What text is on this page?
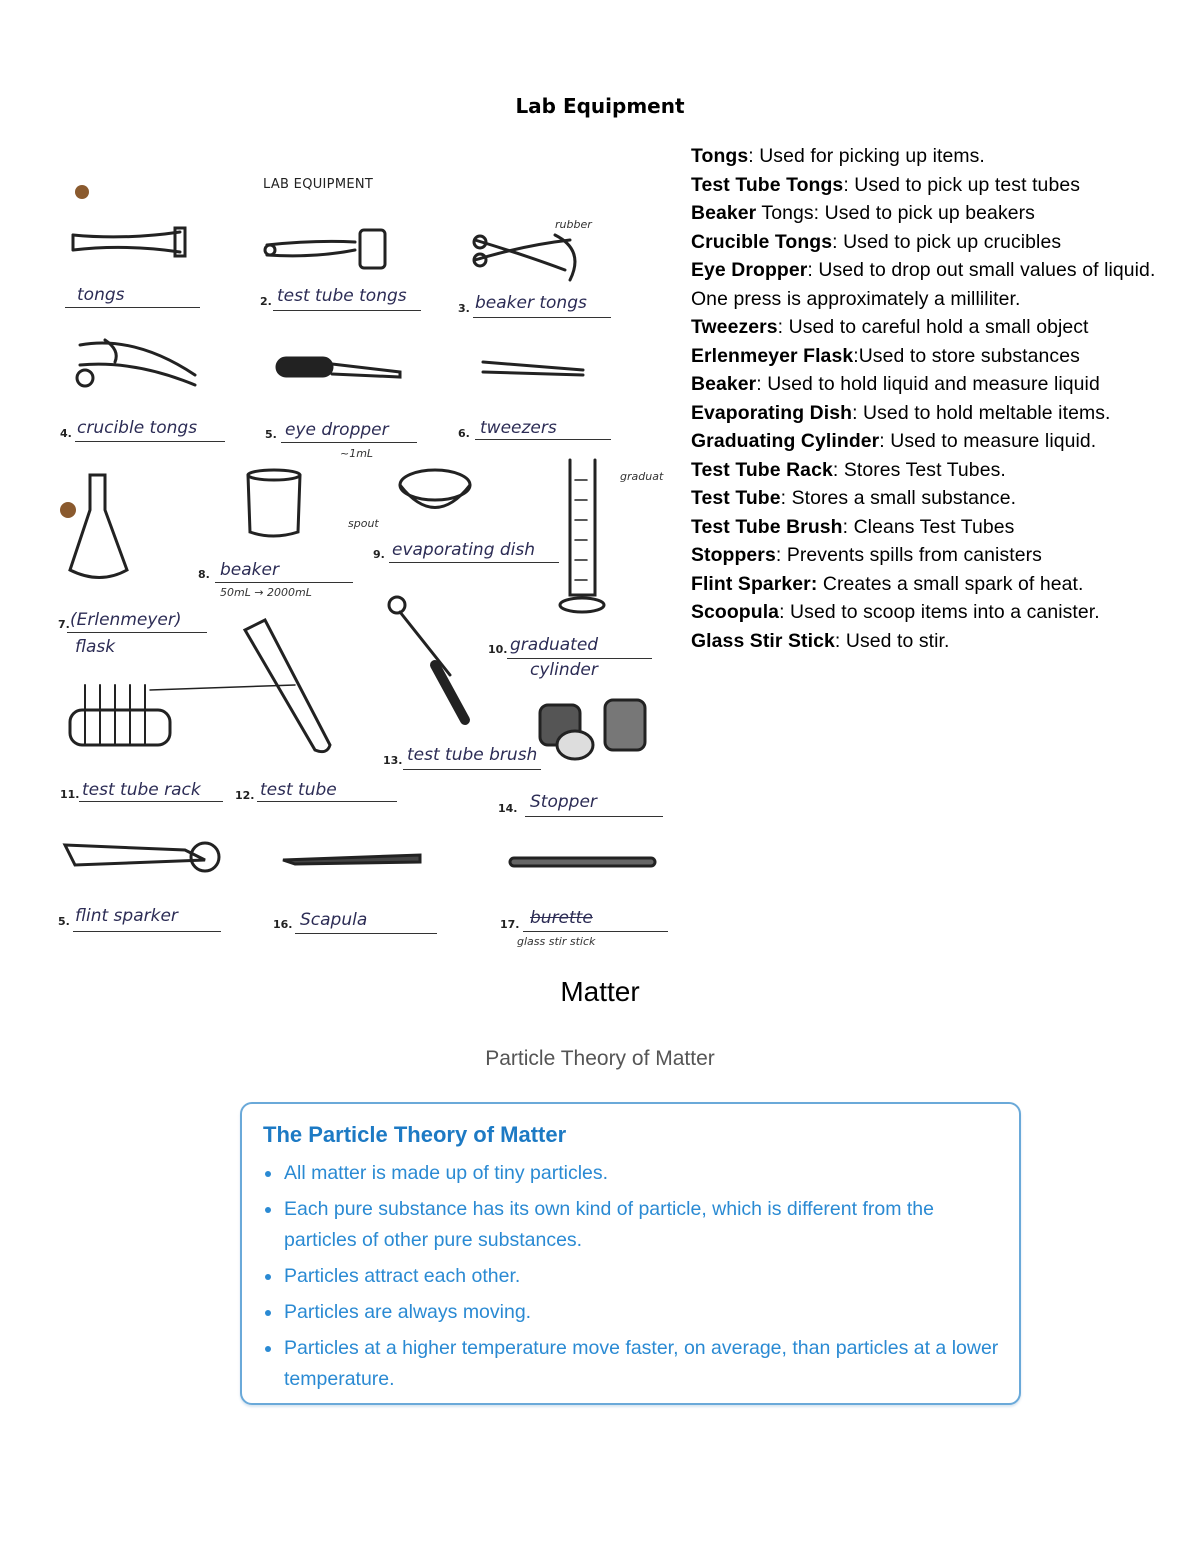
Lab Equipment
LAB EQUIPMENT
tongs	2. test tube tongs
3. beaker tongs
rubber
4. crucible tongs	5. eye dropper
~1mL
6. tweezers
8. beaker
50mL → 2000mL
spout
9. evaporating dish
graduat
7. (Erlenmeyer)
flask	10. graduated
cylinder
13. test tube brush
11. test tube rack	12. test tube
14. Stopper
5. flint sparker	16. Scapula	17. burette
glass stir stick
Tongs: Used for picking up items.
Test Tube Tongs: Used to pick up test tubes
Beaker Tongs: Used to pick up beakers
Crucible Tongs: Used to pick up crucibles
Eye Dropper: Used to drop out small values of liquid. One press is approximately a milliliter.
Tweezers: Used to careful hold a small object
Erlenmeyer Flask:Used to store substances
Beaker: Used to hold liquid and measure liquid
Evaporating Dish: Used to hold meltable items.
Graduating Cylinder: Used to measure liquid.
Test Tube Rack: Stores Test Tubes.
Test Tube: Stores a small substance.
Test Tube Brush: Cleans Test Tubes
Stoppers: Prevents spills from canisters
Flint Sparker: Creates a small spark of heat.
Scoopula: Used to scoop items into a canister.
Glass Stir Stick: Used to stir.
Matter
Particle Theory of Matter
The Particle Theory of Matter
All matter is made up of tiny particles.
Each pure substance has its own kind of particle, which is different from the particles of other pure substances.
Particles attract each other.
Particles are always moving.
Particles at a higher temperature move faster, on average, than particles at a lower temperature.
